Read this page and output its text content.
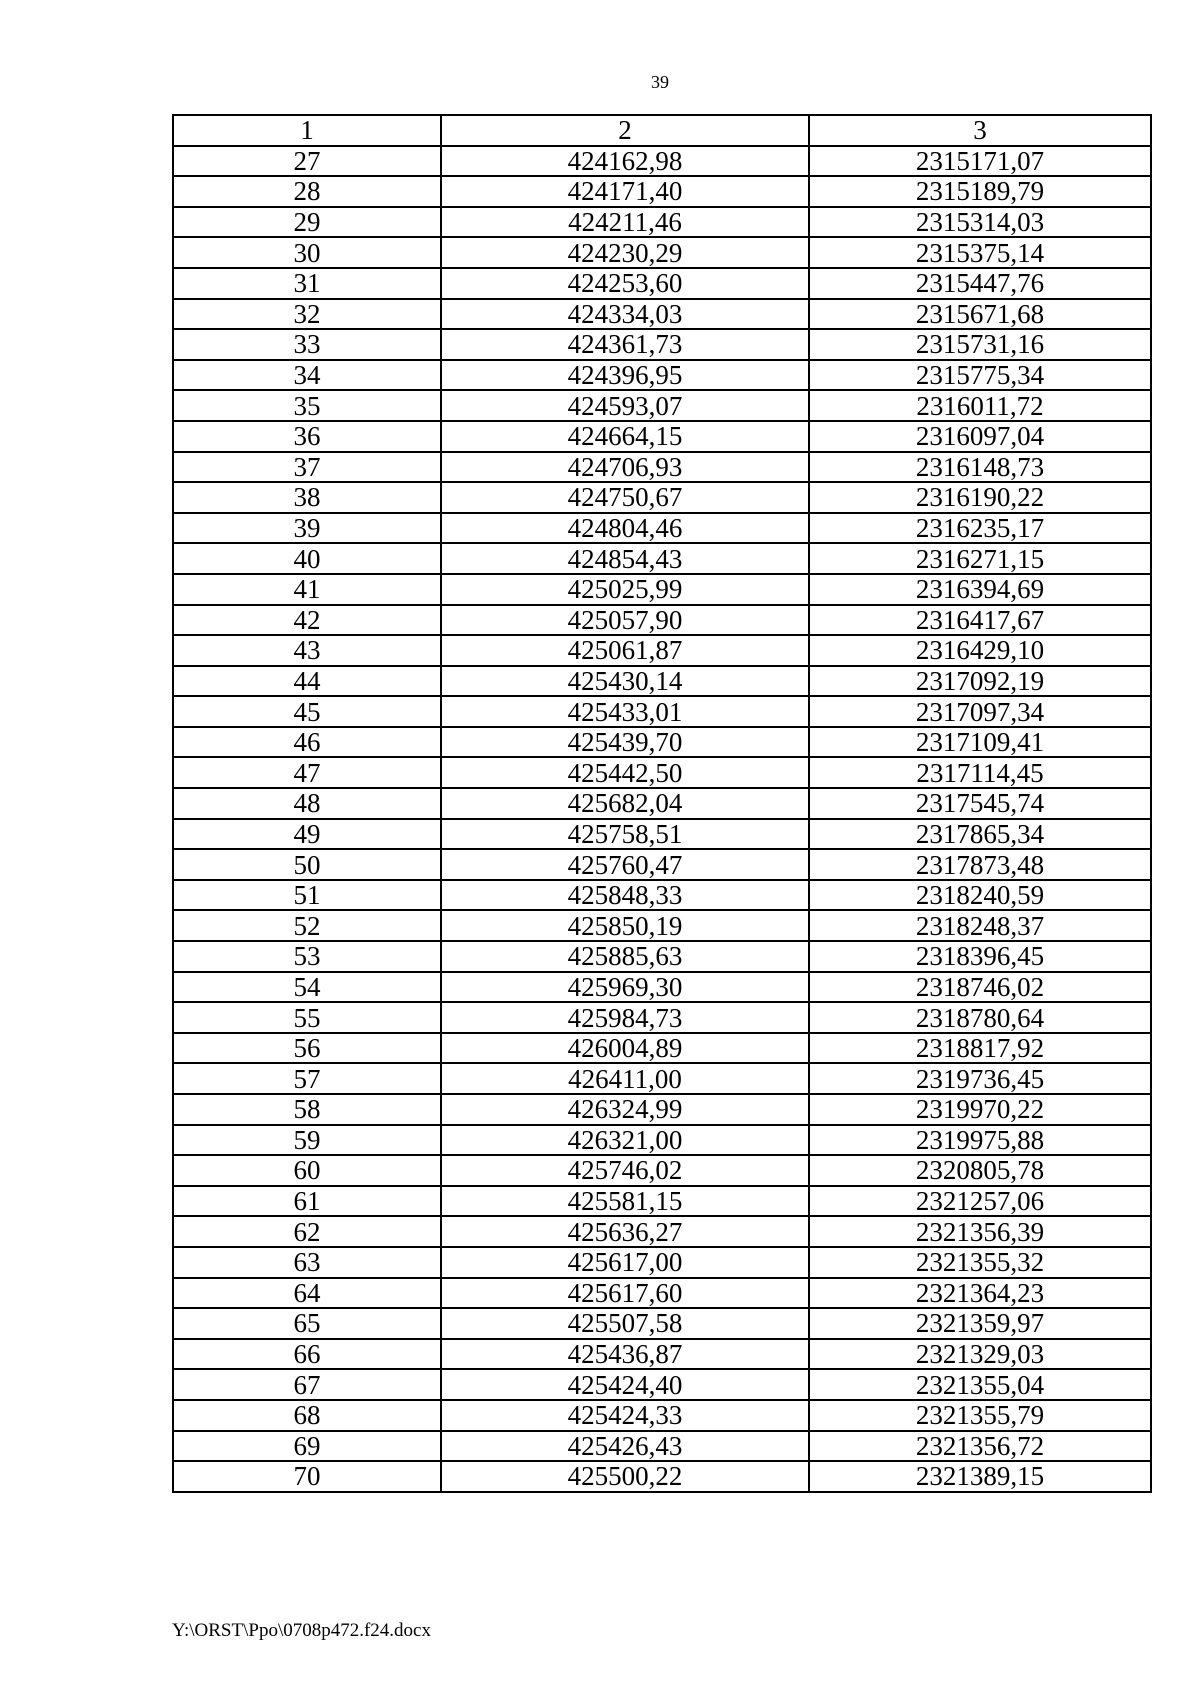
39
1	2	3
27	424162,98	2315171,07
28	424171,40	2315189,79
29	424211,46	2315314,03
30	424230,29	2315375,14
31	424253,60	2315447,76
32	424334,03	2315671,68
33	424361,73	2315731,16
34	424396,95	2315775,34
35	424593,07	2316011,72
36	424664,15	2316097,04
37	424706,93	2316148,73
38	424750,67	2316190,22
39	424804,46	2316235,17
40	424854,43	2316271,15
41	425025,99	2316394,69
42	425057,90	2316417,67
43	425061,87	2316429,10
44	425430,14	2317092,19
45	425433,01	2317097,34
46	425439,70	2317109,41
47	425442,50	2317114,45
48	425682,04	2317545,74
49	425758,51	2317865,34
50	425760,47	2317873,48
51	425848,33	2318240,59
52	425850,19	2318248,37
53	425885,63	2318396,45
54	425969,30	2318746,02
55	425984,73	2318780,64
56	426004,89	2318817,92
57	426411,00	2319736,45
58	426324,99	2319970,22
59	426321,00	2319975,88
60	425746,02	2320805,78
61	425581,15	2321257,06
62	425636,27	2321356,39
63	425617,00	2321355,32
64	425617,60	2321364,23
65	425507,58	2321359,97
66	425436,87	2321329,03
67	425424,40	2321355,04
68	425424,33	2321355,79
69	425426,43	2321356,72
70	425500,22	2321389,15
Y:\ORST\Ppo\0708p472.f24.docx
